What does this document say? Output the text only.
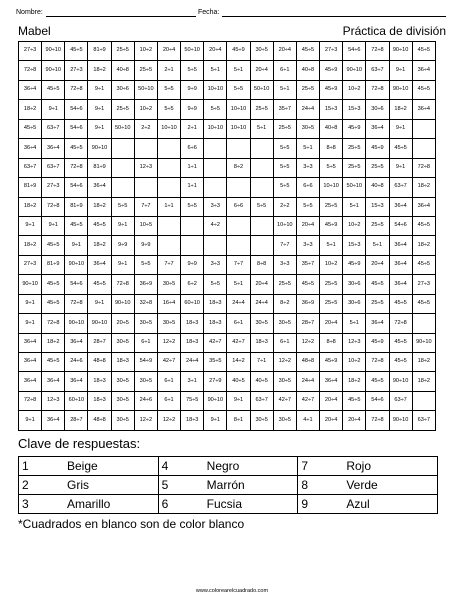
Nombre:	Fecha:
Mabel	Práctica de división
27÷3	90÷10	45÷5	81÷9	25÷5	10÷2	20÷4	50÷10	20÷4	45÷9	30÷5	20÷4	45÷5	27÷3	54÷6	72÷8	90÷10	45÷5
72÷8	90÷10	27÷3	18÷2	40÷8	25÷5	2÷1	5÷5	5÷1	5÷1	20÷4	6÷1	40÷8	45÷9	90÷10	63÷7	9÷1	36÷4
36÷4	45÷5	72÷8	9÷1	30÷6	50÷10	5÷5	9÷9	10÷10	5÷5	50÷10	5÷1	25÷5	45÷9	10÷2	72÷8	90÷10	45÷5
18÷2	9÷1	54÷6	9÷1	25÷5	10÷2	5÷5	9÷9	5÷5	10÷10	25÷5	35÷7	24÷4	15÷3	15÷3	30÷6	18÷2	36÷4
45÷5	63÷7	54÷6	9÷1	50÷10	2÷2	10÷10	2÷1	10÷10	10÷10	5÷1	25÷5	30÷5	40÷8	45÷9	36÷4	9÷1	
36÷4	36÷4	45÷5	90÷10				6÷6				5÷5	5÷1	8÷8	25÷5	45÷9	45÷5	
63÷7	63÷7	72÷8	81÷9		12÷3		1÷1		8÷2		5÷5	3÷3	5÷5	25÷5	25÷5	9÷1	72÷8
81÷9	27÷3	54÷6	36÷4				1÷1				5÷5	6÷6	10÷10	50÷10	40÷8	63÷7	18÷2
18÷2	72÷8	81÷9	18÷2	5÷5	7÷7	1÷1	5÷5	3÷3	6÷6	5÷5	2÷2	5÷5	25÷5	5÷1	15÷3	36÷4	36÷4
9÷1	9÷1	45÷5	45÷5	9÷1	10÷5			4÷2			10÷10	20÷4	45÷9	10÷2	25÷5	54÷6	45÷5
18÷2	45÷5	9÷1	18÷2	9÷9	9÷9						7÷7	3÷3	5÷1	15÷3	5÷1	36÷4	18÷2
27÷3	81÷9	90÷10	36÷4	9÷1	5÷5	7÷7	9÷9	3÷3	7÷7	8÷8	3÷3	35÷7	10÷2	45÷9	20÷4	36÷4	45÷5
90÷10	45÷5	54÷6	45÷5	72÷8	36÷9	30÷5	6÷2	5÷5	5÷1	20÷4	25÷5	45÷5	25÷5	30÷6	45÷5	36÷4	27÷3
9÷1	45÷5	72÷8	9÷1	90÷10	32÷8	16÷4	60÷10	18÷3	24÷4	24÷4	8÷2	36÷9	25÷5	30÷6	25÷5	45÷5	45÷5
9÷1	72÷8	90÷10	90÷10	20÷5	30÷5	30÷5	18÷3	18÷3	6÷1	30÷5	30÷5	28÷7	20÷4	5÷1	36÷4	72÷8	
36÷4	18÷2	36÷4	28÷7	30÷5	6÷1	12÷2	18÷3	42÷7	42÷7	18÷3	6÷1	12÷2	8÷8	12÷3	45÷9	45÷5	90÷10
36÷4	45÷5	24÷6	48÷8	18÷3	54÷9	42÷7	24÷4	35÷5	14÷2	7÷1	12÷2	48÷8	45÷9	10÷2	72÷8	45÷5	18÷2
36÷4	36÷4	36÷4	18÷3	30÷5	30÷5	6÷1	3÷1	27÷9	40÷5	40÷5	30÷5	24÷4	36÷4	18÷2	45÷5	90÷10	18÷2
72÷8	12÷3	60÷10	18÷3	30÷5	24÷6	6÷1	75÷5	90÷10	9÷1	63÷7	42÷7	42÷7	20÷4	45÷5	54÷6	63÷7	
9÷1	36÷4	28÷7	48÷8	30÷5	12÷2	12÷2	18÷3	9÷1	8÷1	30÷5	30÷5	4÷1	20÷4	20÷4	72÷8	90÷10	63÷7
Clave de respuestas:
1	Beige	4	Negro	7	Rojo
2	Gris	5	Marrón	8	Verde
3	Amarillo	6	Fucsia	9	Azul
*Cuadrados en blanco son de color blanco
www.colorearelcuadrado.com
